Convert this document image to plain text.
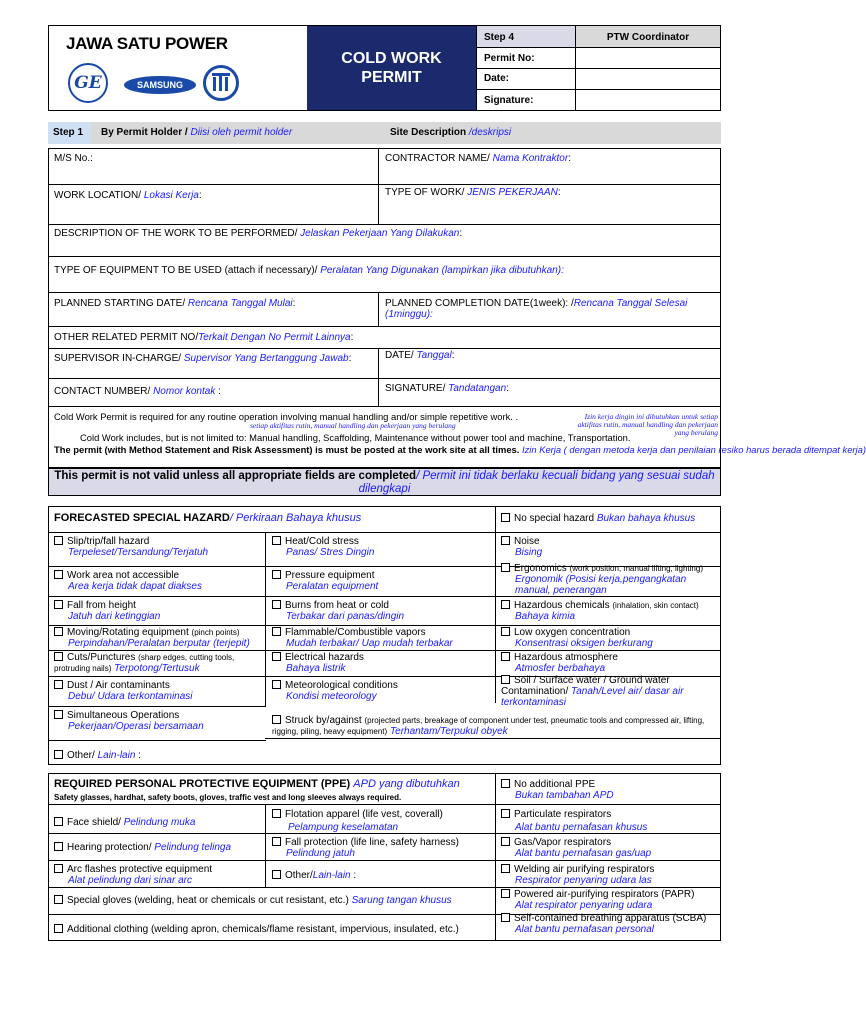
JAWA SATU POWER
GE	SAMSUNG
COLD WORK
PERMIT
Step 4	PTW Coordinator
Permit No:
Date:
Signature:
Step 1 By Permit Holder / Diisi oleh permit holder	Site Description /deskripsi
M/S No.:	CONTRACTOR NAME/ Nama Kontraktor:
WORK LOCATION/ Lokasi Kerja:	TYPE OF WORK/ JENIS PEKERJAAN:
DESCRIPTION OF THE WORK TO BE PERFORMED/ Jelaskan Pekerjaan Yang Dilakukan:
TYPE OF EQUIPMENT TO BE USED (attach if necessary)/ Peralatan Yang Digunakan (lampirkan jika dibutuhkan):
PLANNED STARTING DATE/ Rencana Tanggal Mulai:	PLANNED COMPLETION DATE(1week): /Rencana Tanggal Selesai (1minggu):
OTHER RELATED PERMIT NO/Terkait Dengan No Permit Lainnya:
SUPERVISOR IN-CHARGE/ Supervisor Yang Bertanggung Jawab:	DATE/ Tanggal:
CONTACT NUMBER/ Nomor kontak :	SIGNATURE/ Tandatangan:
Cold Work Permit is required for any routine operation involving manual handling and/or simple repetitive work. .	Izin kerja dingin ini dibutuhkan untuk setiap aktifitas rutin, manual handling dan pekerjaan yang berulang
setiap aktifitas rutin, manual handling dan pekerjaan yang berulang
Cold Work includes, but is not limited to: Manual handling, Scaffolding, Maintenance without power tool and machine, Transportation.
The permit (with Method Statement and Risk Assessment) is must be posted at the work site at all times. Izin Kerja ( dengan metoda kerja dan penilaian resiko harus berada ditempat kerja)
This permit is not valid unless all appropriate fields are completed/ Permit ini tidak berlaku kecuali bidang yang sesuai sudah dilengkapi
FORECASTED SPECIAL HAZARD/ Perkiraan Bahaya khusus	No special hazard Bukan bahaya khusus
Slip/trip/fall hazard
Terpeleset/Tersandung/Terjatuh
Work area not accessible
Area kerja tidak dapat diakses
Fall from height
Jatuh dari ketinggian
Moving/Rotating equipment (pinch points)
Perpindahan/Peralatan berputar (terjepit)
Cuts/Punctures (sharp edges, cutting tools, protruding nails) Terpotong/Tertusuk
Dust / Air contaminants
Debu/ Udara terkontaminasi
Simultaneous Operations
Pekerjaan/Operasi bersamaan
Other/ Lain-lain :
Heat/Cold stress
Panas/ Stres Dingin
Pressure equipment
Peralatan equipment
Burns from heat or cold
Terbakar dari panas/dingin
Flammable/Combustible vapors
Mudah terbakar/ Uap mudah terbakar
Electrical hazards
Bahaya listrik
Meteorological conditions
Kondisi meteorology
Struck by/against (projected parts, breakage of component under test, pneumatic tools and compressed air, lifting, rigging, piling, heavy equipment) Terhantam/Terpukul obyek
Noise
Bising
Ergonomics (work position, manual lifting, lighting)
Ergonomik (Posisi kerja,pengangkatan manual, penerangan
Hazardous chemicals (inhalation, skin contact)
Bahaya kimia
Low oxygen concentration
Konsentrasi oksigen berkurang
Hazardous atmosphere
Atmosfer berbahaya
Soil / Surface water / Ground water Contamination/ Tanah/Level air/ dasar air terkontaminasi
REQUIRED PERSONAL PROTECTIVE EQUIPMENT (PPE) APD yang dibutuhkan
Safety glasses, hardhat, safety boots, gloves, traffic vest and long sleeves always required.
Face shield/ Pelindung muka
Hearing protection/ Pelindung telinga
Arc flashes protective equipment
Alat pelindung dari sinar arc
Flotation apparel (life vest, coverall)
Pelampung keselamatan
Fall protection (life line, safety harness)
Pelindung jatuh
Other/Lain-lain :
Special gloves (welding, heat or chemicals or cut resistant, etc.) Sarung tangan khusus
Additional clothing (welding apron, chemicals/flame resistant, impervious, insulated, etc.)
No additional PPE
Bukan tambahan APD
Particulate respirators
Alat bantu pernafasan khusus
Gas/Vapor respirators
Alat bantu pernafasan gas/uap
Welding air purifying respirators
Respirator penyaring udara las
Powered air-purifying respirators (PAPR)
Alat respirator penyaring udara
Self-contained breathing apparatus (SCBA)
Alat bantu pernafasan personal
